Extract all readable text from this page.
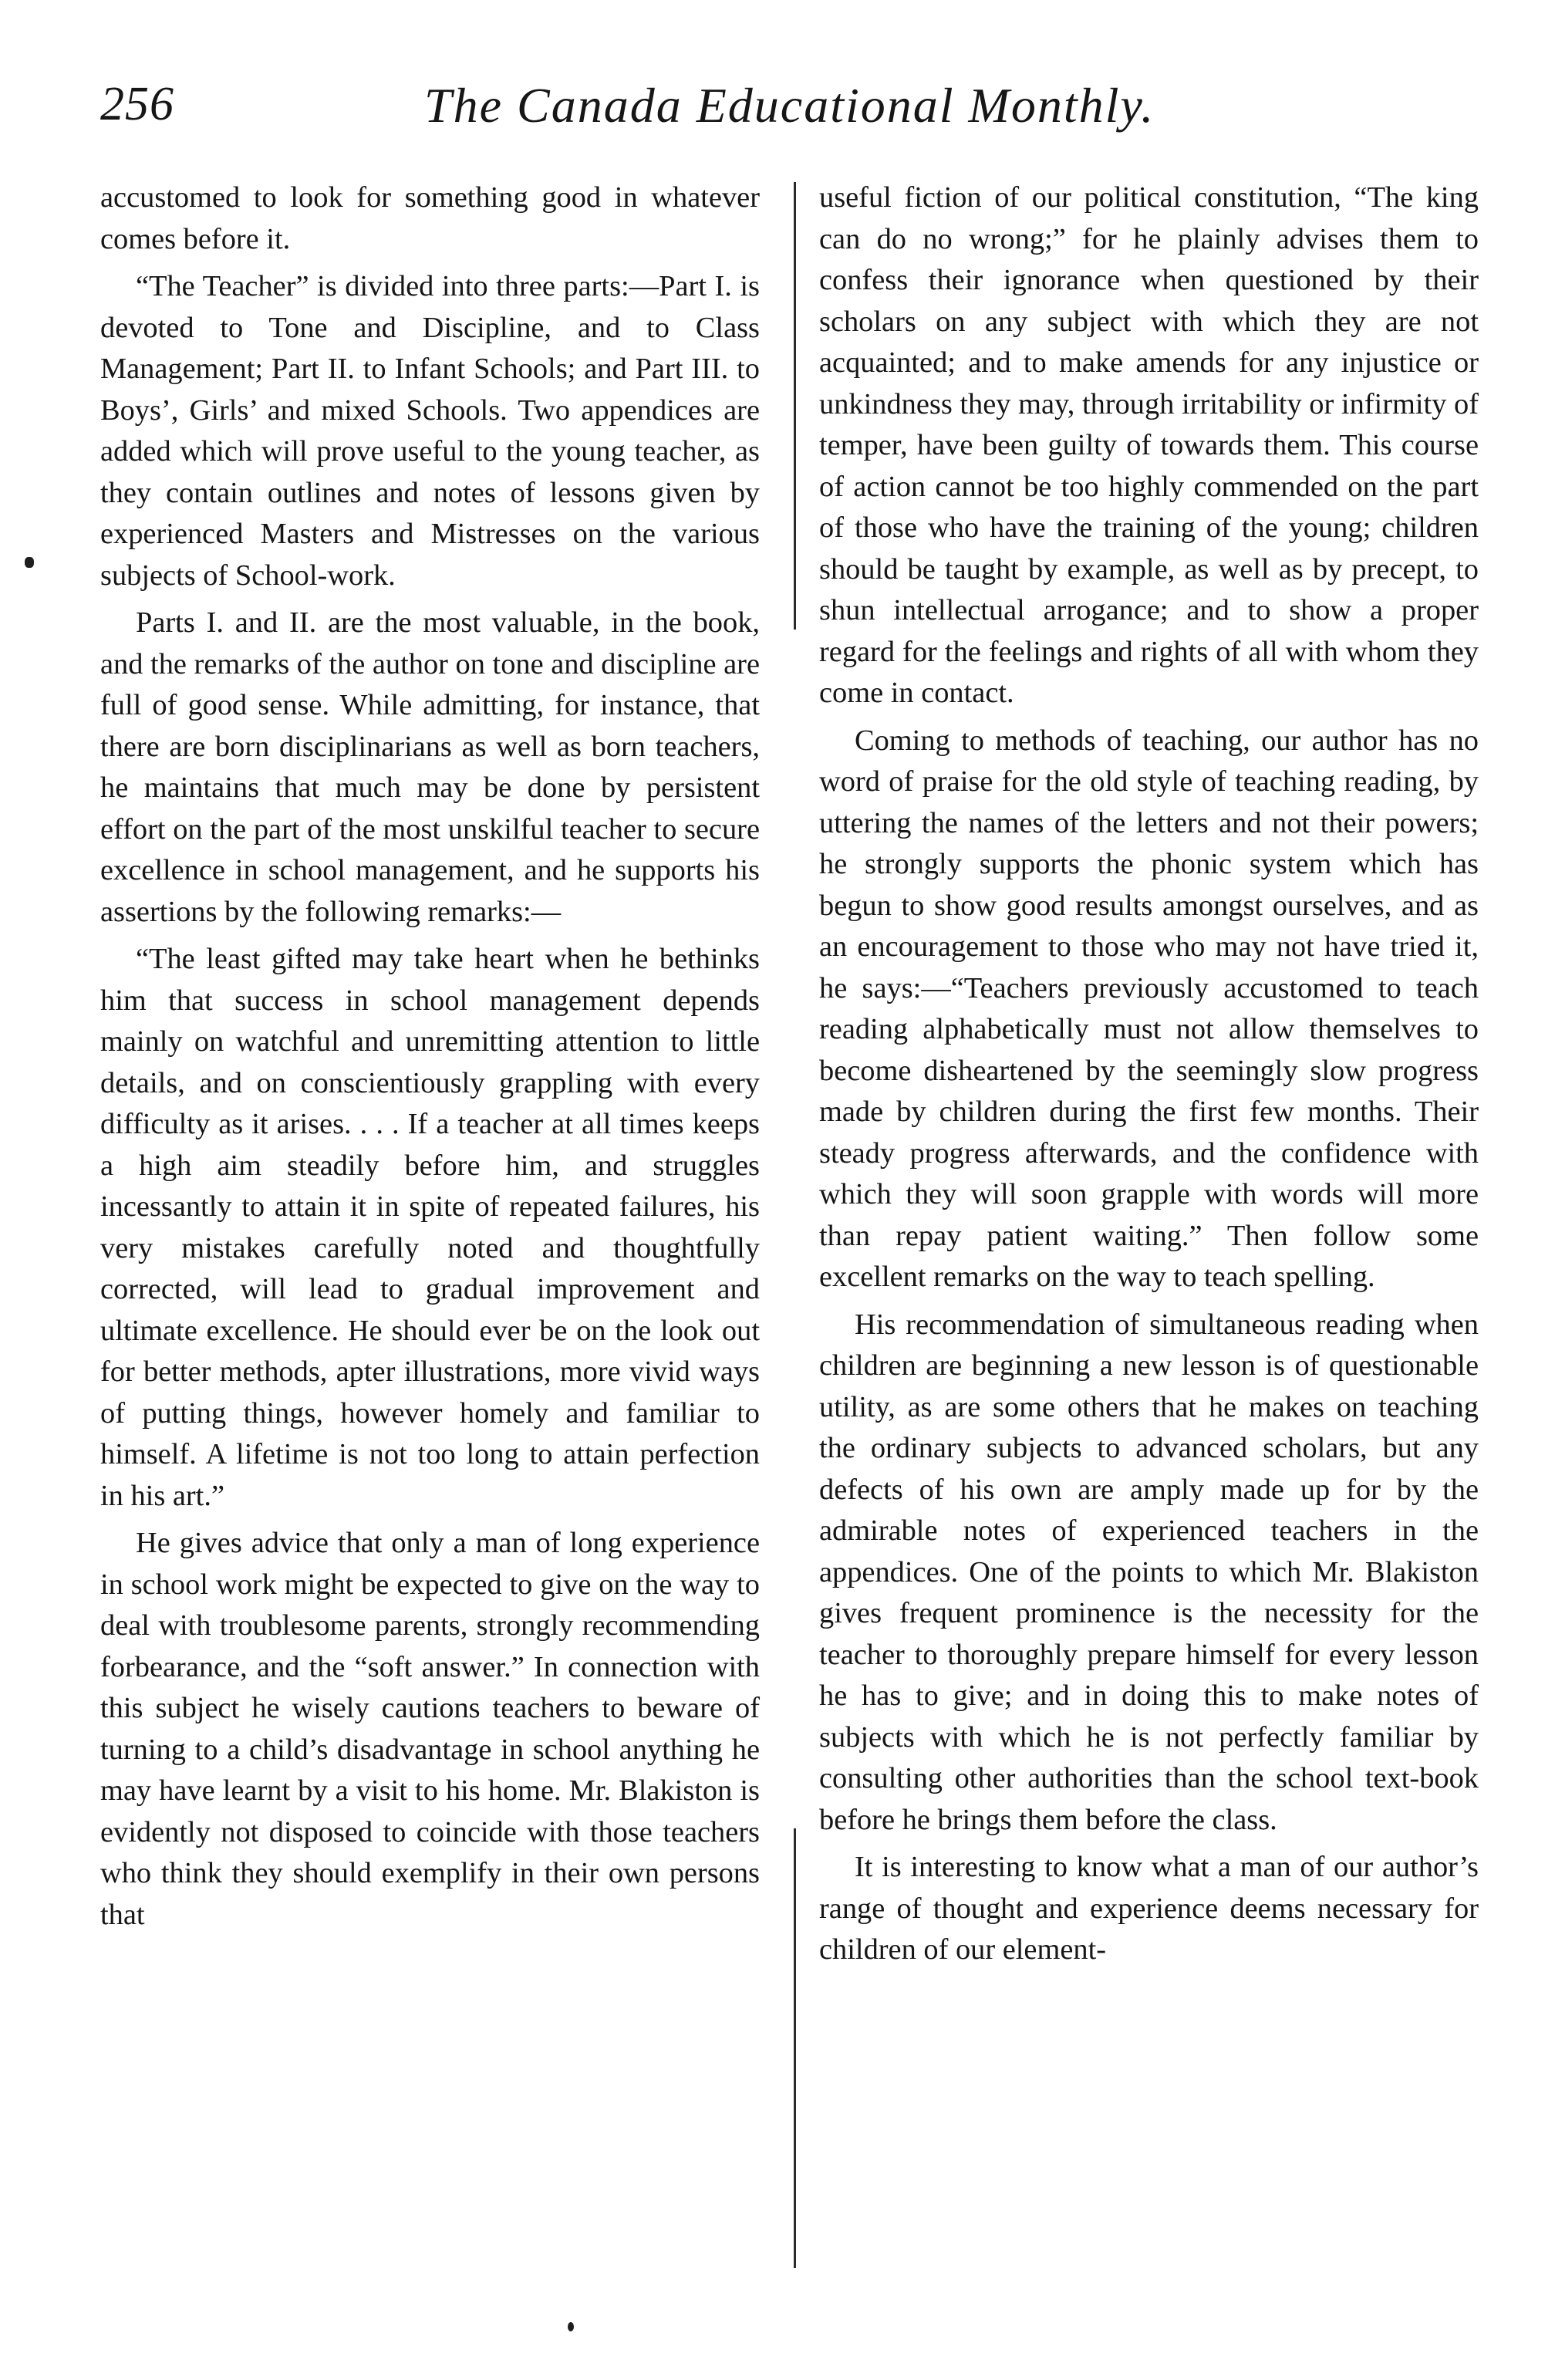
256	The Canada Educational Monthly.

accustomed to look for something good in whatever comes before it.

“The Teacher” is divided into three parts:—Part I. is devoted to Tone and Discipline, and to Class Management; Part II. to Infant Schools; and Part III. to Boys’, Girls’ and mixed Schools. Two appendices are added which will prove useful to the young teacher, as they contain outlines and notes of lessons given by experienced Masters and Mistresses on the various subjects of School-work.

Parts I. and II. are the most valuable, in the book, and the remarks of the author on tone and discipline are full of good sense. While admitting, for instance, that there are born disciplinarians as well as born teachers, he maintains that much may be done by persistent effort on the part of the most unskilful teacher to secure excellence in school management, and he supports his assertions by the following remarks:—

“The least gifted may take heart when he bethinks him that success in school management depends mainly on watchful and unremitting attention to little details, and on conscientiously grappling with every difficulty as it arises. . . . If a teacher at all times keeps a high aim steadily before him, and struggles incessantly to attain it in spite of repeated failures, his very mistakes carefully noted and thoughtfully corrected, will lead to gradual improvement and ultimate excellence. He should ever be on the look out for better methods, apter illustrations, more vivid ways of putting things, however homely and familiar to himself. A lifetime is not too long to attain perfection in his art.”

He gives advice that only a man of long experience in school work might be expected to give on the way to deal with troublesome parents, strongly recommending forbearance, and the “soft answer.” In connection with this subject he wisely cautions teachers to beware of turning to a child’s disadvantage in school anything he may have learnt by a visit to his home. Mr. Blakiston is evidently not disposed to coincide with those teachers who think they should exemplify in their own persons that

useful fiction of our political constitution, “The king can do no wrong;” for he plainly advises them to confess their ignorance when questioned by their scholars on any subject with which they are not acquainted; and to make amends for any injustice or unkindness they may, through irritability or infirmity of temper, have been guilty of towards them. This course of action cannot be too highly commended on the part of those who have the training of the young; children should be taught by example, as well as by precept, to shun intellectual arrogance; and to show a proper regard for the feelings and rights of all with whom they come in contact.

Coming to methods of teaching, our author has no word of praise for the old style of teaching reading, by uttering the names of the letters and not their powers; he strongly supports the phonic system which has begun to show good results amongst ourselves, and as an encouragement to those who may not have tried it, he says:—“Teachers previously accustomed to teach reading alphabetically must not allow themselves to become disheartened by the seemingly slow progress made by children during the first few months. Their steady progress afterwards, and the confidence with which they will soon grapple with words will more than repay patient waiting.” Then follow some excellent remarks on the way to teach spelling.

His recommendation of simultaneous reading when children are beginning a new lesson is of questionable utility, as are some others that he makes on teaching the ordinary subjects to advanced scholars, but any defects of his own are amply made up for by the admirable notes of experienced teachers in the appendices. One of the points to which Mr. Blakiston gives frequent prominence is the necessity for the teacher to thoroughly prepare himself for every lesson he has to give; and in doing this to make notes of subjects with which he is not perfectly familiar by consulting other authorities than the school text-book before he brings them before the class.

It is interesting to know what a man of our author’s range of thought and experience deems necessary for children of our element-
